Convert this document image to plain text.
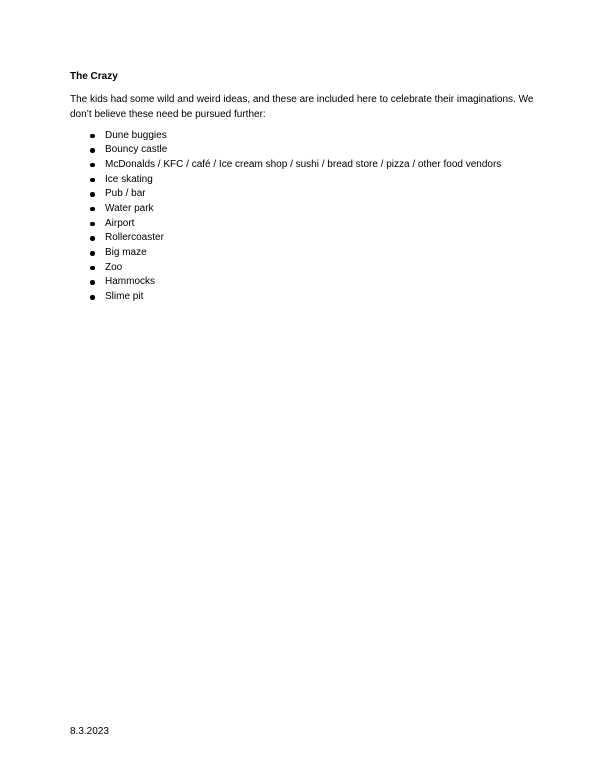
The Crazy
The kids had some wild and weird ideas, and these are included here to celebrate their imaginations. We don’t believe these need be pursued further:
Dune buggies
Bouncy castle
McDonalds / KFC / café / Ice cream shop / sushi / bread store / pizza / other food vendors
Ice skating
Pub / bar
Water park
Airport
Rollercoaster
Big maze
Zoo
Hammocks
Slime pit
8.3.2023
